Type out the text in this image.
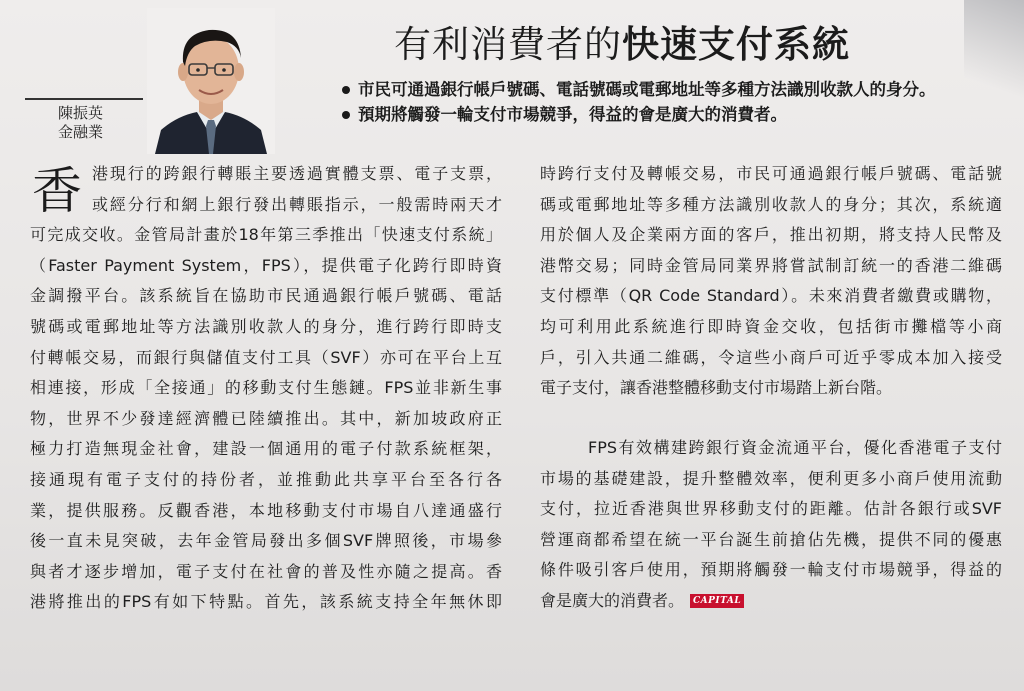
陳振英
金融業
有利消費者的快速支付系統
市民可通過銀行帳戶號碼、電話號碼或電郵地址等多種方法識別收款人的身分。
預期將觸發一輪支付市場競爭，得益的會是廣大的消費者。
香 港現行的跨銀行轉賬主要透過實體支票、電子支票，
或經分行和網上銀行發出轉賬指示，一般需時兩天才
可完成交收。金管局計畫於18年第三季推出「快速支付系統」
（Faster Payment System，FPS），提供電子化跨行即時資
金調撥平台。該系統旨在協助市民通過銀行帳戶號碼、電話
號碼或電郵地址等方法識別收款人的身分，進行跨行即時支
付轉帳交易，而銀行與儲值支付工具（SVF）亦可在平台上互
相連接，形成「全接通」的移動支付生態鏈。FPS並非新生事
物，世界不少發達經濟體已陸續推出。其中，新加坡政府正
極力打造無現金社會，建設一個通用的電子付款系統框架，
接通現有電子支付的持份者，並推動此共享平台至各行各
業，提供服務。反觀香港，本地移動支付市場自八達通盛行
後一直未見突破，去年金管局發出多個SVF牌照後，市場參
與者才逐步增加，電子支付在社會的普及性亦隨之提高。香
港將推出的FPS有如下特點。首先，該系統支持全年無休即
時跨行支付及轉帳交易，市民可通過銀行帳戶號碼、電話號
碼或電郵地址等多種方法識別收款人的身分；其次，系統適
用於個人及企業兩方面的客戶，推出初期，將支持人民幣及
港幣交易；同時金管局同業界將嘗試制訂統一的香港二維碼
支付標準（QR Code Standard）。未來消費者繳費或購物，
均可利用此系統進行即時資金交收，包括街市攤檔等小商
戶，引入共通二維碼，令這些小商戶可近乎零成本加入接受
電子支付，讓香港整體移動支付市場踏上新台階。
FPS有效構建跨銀行資金流通平台，優化香港電子支付
市場的基礎建設，提升整體效率，便利更多小商戶使用流動
支付，拉近香港與世界移動支付的距離。估計各銀行或SVF
營運商都希望在統一平台誕生前搶佔先機，提供不同的優惠
條件吸引客戶使用，預期將觸發一輪支付市場競爭，得益的
會是廣大的消費者。 CAPITAL
